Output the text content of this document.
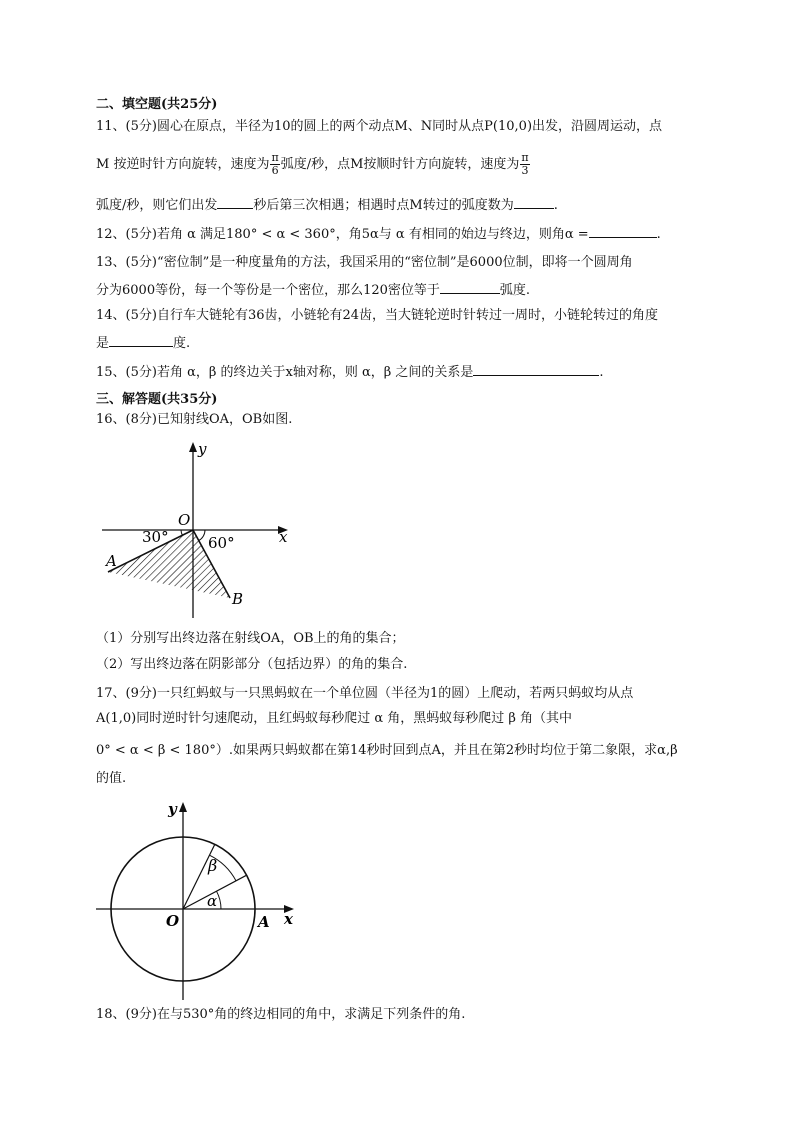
二、填空题(共25分)
11、(5分)圆心在原点，半径为10的圆上的两个动点M、N同时从点P(10,0)出发，沿圆周运动，点
M 按逆时针方向旋转，速度为 $\frac{\pi}{6}$ 弧度/秒，点M按顺时针方向旋转，速度为 $\frac{\pi}{3}$
弧度/秒，则它们出发	秒后第三次相遇；相遇时点M转过的弧度数为	.
12、(5分)若角 α 满足180° < α < 360°，角5α与 α 有相同的始边与终边，则角α =	.
13、(5分)“密位制”是一种度量角的方法，我国采用的“密位制”是6000位制，即将一个圆周角
分为6000等份，每一个等份是一个密位，那么120密位等于	弧度.
14、(5分)自行车大链轮有36齿，小链轮有24齿，当大链轮逆时针转过一周时，小链轮转过的角度
是	度.
15、(5分)若角 α，β 的终边关于x轴对称，则 α，β 之间的关系是	.
三、解答题(共35分)
16、(8分)已知射线OA，OB如图.
y
x
O
A
B
30°	60°
（1）分别写出终边落在射线OA，OB上的角的集合；
（2）写出终边落在阴影部分（包括边界）的角的集合.
17、(9分)一只红蚂蚁与一只黑蚂蚁在一个单位圆（半径为1的圆）上爬动，若两只蚂蚁均从点
A(1,0)同时逆时针匀速爬动，且红蚂蚁每秒爬过 α 角，黑蚂蚁每秒爬过 β 角（其中
0° < α < β < 180°）.如果两只蚂蚁都在第14秒时回到点A，并且在第2秒时均位于第二象限，求α,β
的值.
y
x
O	A
α
β
18、(9分)在与530°角的终边相同的角中，求满足下列条件的角.
